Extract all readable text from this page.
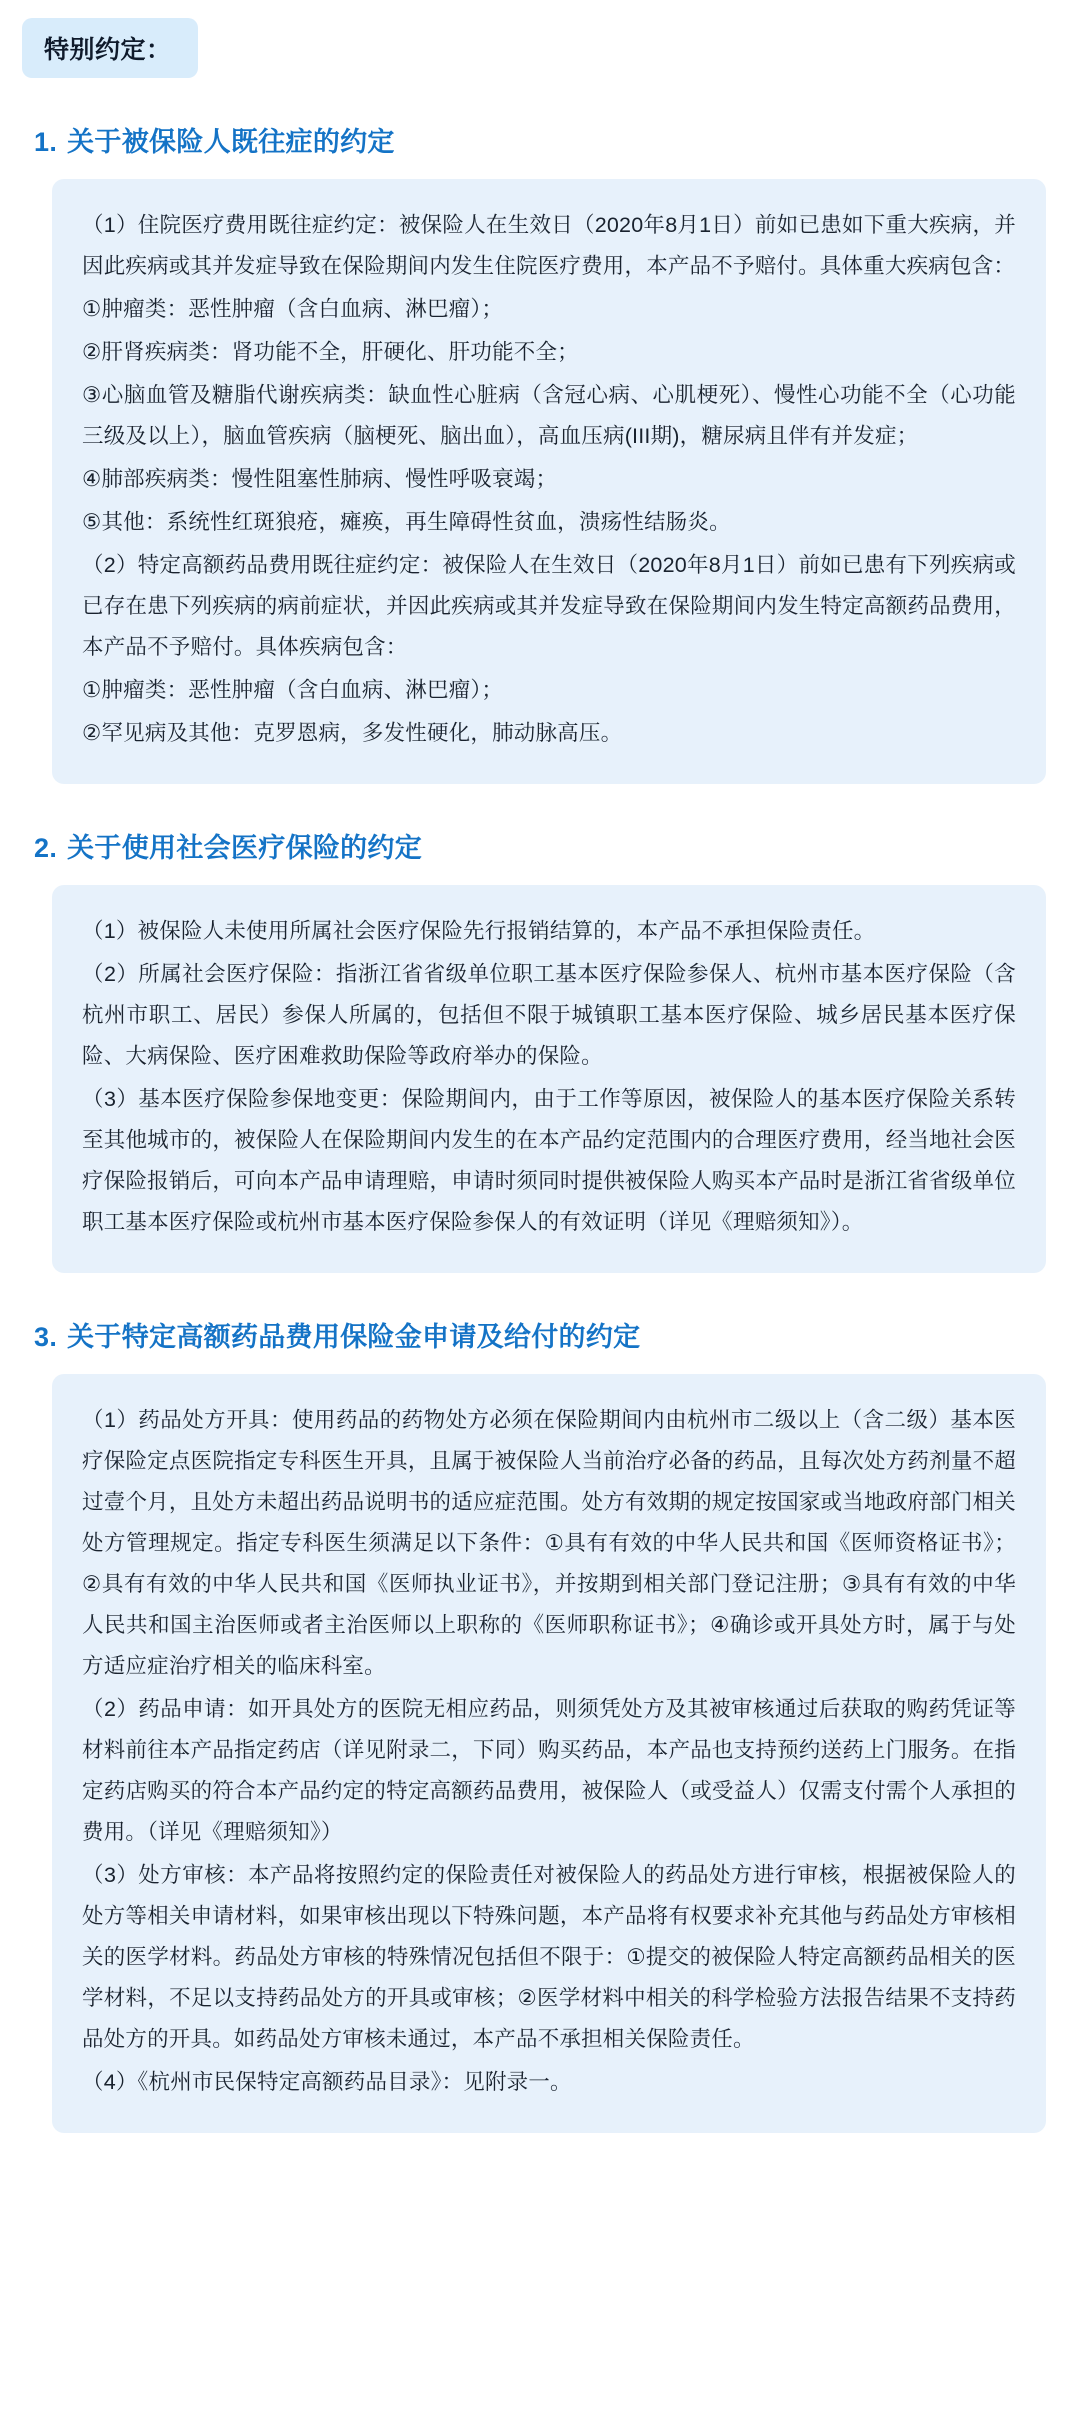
特别约定：
1. 关于被保险人既往症的约定

（1）住院医疗费用既往症约定：被保险人在生效日（2020年8月1日）前如已患如下重大疾病，并因此疾病或其并发症导致在保险期间内发生住院医疗费用，本产品不予赔付。具体重大疾病包含：

①肿瘤类：恶性肿瘤（含白血病、淋巴瘤）；

②肝肾疾病类：肾功能不全，肝硬化、肝功能不全；

③心脑血管及糖脂代谢疾病类：缺血性心脏病（含冠心病、心肌梗死）、慢性心功能不全（心功能三级及以上），脑血管疾病（脑梗死、脑出血），高血压病(III期)，糖尿病且伴有并发症；

④肺部疾病类：慢性阻塞性肺病、慢性呼吸衰竭；

⑤其他：系统性红斑狼疮，瘫痪，再生障碍性贫血，溃疡性结肠炎。

（2）特定高额药品费用既往症约定：被保险人在生效日（2020年8月1日）前如已患有下列疾病或已存在患下列疾病的病前症状，并因此疾病或其并发症导致在保险期间内发生特定高额药品费用，本产品不予赔付。具体疾病包含：

①肿瘤类：恶性肿瘤（含白血病、淋巴瘤）；

②罕见病及其他：克罗恩病，多发性硬化，肺动脉高压。

2. 关于使用社会医疗保险的约定

（1）被保险人未使用所属社会医疗保险先行报销结算的，本产品不承担保险责任。

（2）所属社会医疗保险：指浙江省省级单位职工基本医疗保险参保人、杭州市基本医疗保险（含杭州市职工、居民）参保人所属的，包括但不限于城镇职工基本医疗保险、城乡居民基本医疗保险、大病保险、医疗困难救助保险等政府举办的保险。

（3）基本医疗保险参保地变更：保险期间内，由于工作等原因，被保险人的基本医疗保险关系转至其他城市的，被保险人在保险期间内发生的在本产品约定范围内的合理医疗费用，经当地社会医疗保险报销后，可向本产品申请理赔，申请时须同时提供被保险人购买本产品时是浙江省省级单位职工基本医疗保险或杭州市基本医疗保险参保人的有效证明（详见《理赔须知》）。

3. 关于特定高额药品费用保险金申请及给付的约定

（1）药品处方开具：使用药品的药物处方必须在保险期间内由杭州市二级以上（含二级）基本医疗保险定点医院指定专科医生开具，且属于被保险人当前治疗必备的药品，且每次处方药剂量不超过壹个月，且处方未超出药品说明书的适应症范围。处方有效期的规定按国家或当地政府部门相关处方管理规定。指定专科医生须满足以下条件：①具有有效的中华人民共和国《医师资格证书》；②具有有效的中华人民共和国《医师执业证书》，并按期到相关部门登记注册；③具有有效的中华人民共和国主治医师或者主治医师以上职称的《医师职称证书》；④确诊或开具处方时，属于与处方适应症治疗相关的临床科室。

（2）药品申请：如开具处方的医院无相应药品，则须凭处方及其被审核通过后获取的购药凭证等材料前往本产品指定药店（详见附录二，下同）购买药品，本产品也支持预约送药上门服务。在指定药店购买的符合本产品约定的特定高额药品费用，被保险人（或受益人）仅需支付需个人承担的费用。（详见《理赔须知》）

（3）处方审核：本产品将按照约定的保险责任对被保险人的药品处方进行审核，根据被保险人的处方等相关申请材料，如果审核出现以下特殊问题，本产品将有权要求补充其他与药品处方审核相关的医学材料。药品处方审核的特殊情况包括但不限于：①提交的被保险人特定高额药品相关的医学材料，不足以支持药品处方的开具或审核；②医学材料中相关的科学检验方法报告结果不支持药品处方的开具。如药品处方审核未通过，本产品不承担相关保险责任。

（4）《杭州市民保特定高额药品目录》：见附录一。
